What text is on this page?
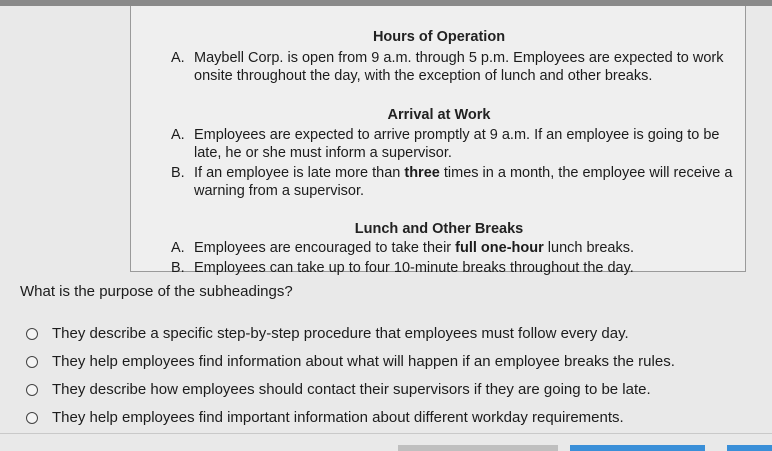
Hours of Operation
A. Maybell Corp. is open from 9 a.m. through 5 p.m. Employees are expected to work onsite throughout the day, with the exception of lunch and other breaks.
Arrival at Work
A. Employees are expected to arrive promptly at 9 a.m. If an employee is going to be late, he or she must inform a supervisor.
B. If an employee is late more than three times in a month, the employee will receive a warning from a supervisor.
Lunch and Other Breaks
A. Employees are encouraged to take their full one-hour lunch breaks.
B. Employees can take up to four 10-minute breaks throughout the day.
What is the purpose of the subheadings?
They describe a specific step-by-step procedure that employees must follow every day.
They help employees find information about what will happen if an employee breaks the rules.
They describe how employees should contact their supervisors if they are going to be late.
They help employees find important information about different workday requirements.
